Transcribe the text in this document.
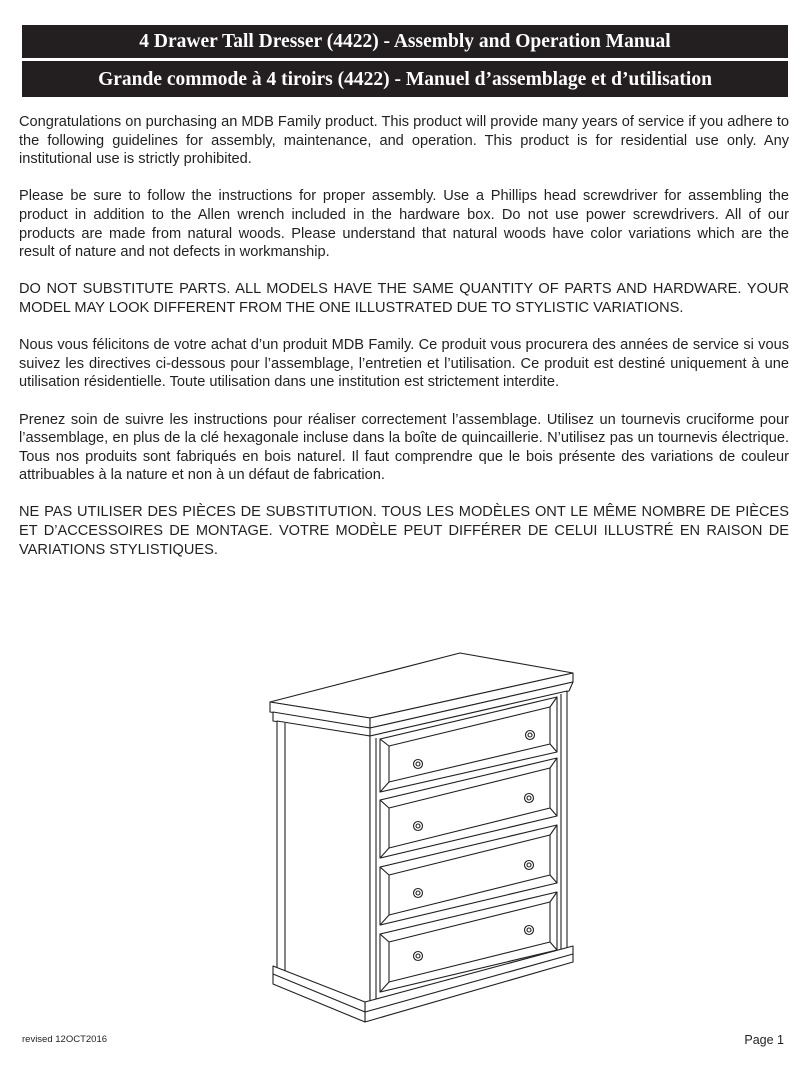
4 Drawer Tall Dresser (4422) - Assembly and Operation Manual
Grande commode à 4 tiroirs (4422) - Manuel d’assemblage et d’utilisation

Congratulations on purchasing an MDB Family product. This product will provide many years of service if you adhere to the following guidelines for assembly, maintenance, and operation. This product is for residential use only. Any institutional use is strictly prohibited.

Please be sure to follow the instructions for proper assembly. Use a Phillips head screwdriver for assembling the product in addition to the Allen wrench included in the hardware box. Do not use power screwdrivers. All of our products are made from natural woods. Please understand that natural woods have color variations which are the result of nature and not defects in workmanship.

DO NOT SUBSTITUTE PARTS. ALL MODELS HAVE THE SAME QUANTITY OF PARTS AND HARDWARE. YOUR MODEL MAY LOOK DIFFERENT FROM THE ONE ILLUSTRATED DUE TO STYLISTIC VARIATIONS.

Nous vous félicitons de votre achat d’un produit MDB Family. Ce produit vous procurera des années de service si vous suivez les directives ci-dessous pour l’assemblage, l’entretien et l’utilisation. Ce produit est destiné uniquement à une utilisation résidentielle. Toute utilisation dans une institution est strictement interdite.

Prenez soin de suivre les instructions pour réaliser correctement l’assemblage. Utilisez un tournevis cruciforme pour l’assemblage, en plus de la clé hexagonale incluse dans la boîte de quincaillerie. N’utilisez pas un tournevis électrique. Tous nos produits sont fabriqués en bois naturel. Il faut comprendre que le bois présente des variations de couleur attribuables à la nature et non à un défaut de fabrication.

NE PAS UTILISER DES PIÈCES DE SUBSTITUTION. TOUS LES MODÈLES ONT LE MÊME NOMBRE DE PIÈCES ET D’ACCESSOIRES DE MONTAGE. VOTRE MODÈLE PEUT DIFFÉRER DE CELUI ILLUSTRÉ EN RAISON DE VARIATIONS STYLISTIQUES.

revised 12OCT2016	Page 1
